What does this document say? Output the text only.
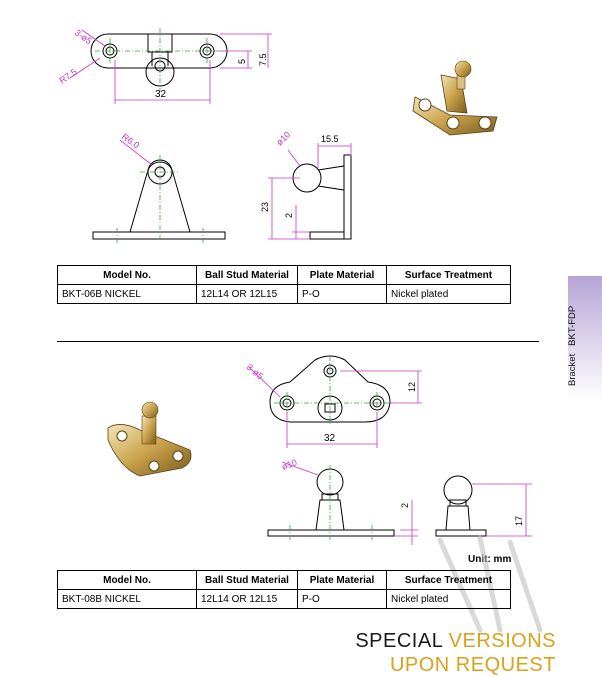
3-ø5
R7.5
32
5 7.5
R6.0	ø10	15.5
23
2
Model No.	Ball Stud Material	Plate Material	Surface Treatment
BKT-06B NICKEL	12L14 OR 12L15	P-O	Nickel plated
Bracket   BKT-FDP
3-ø5
12
32
ø10
2
17
Unit: mm
Model No.	Ball Stud Material	Plate Material	Surface Treatment
BKT-08B NICKEL	12L14 OR 12L15	P-O	Nickel plated
SPECIAL VERSIONS
UPON REQUEST
